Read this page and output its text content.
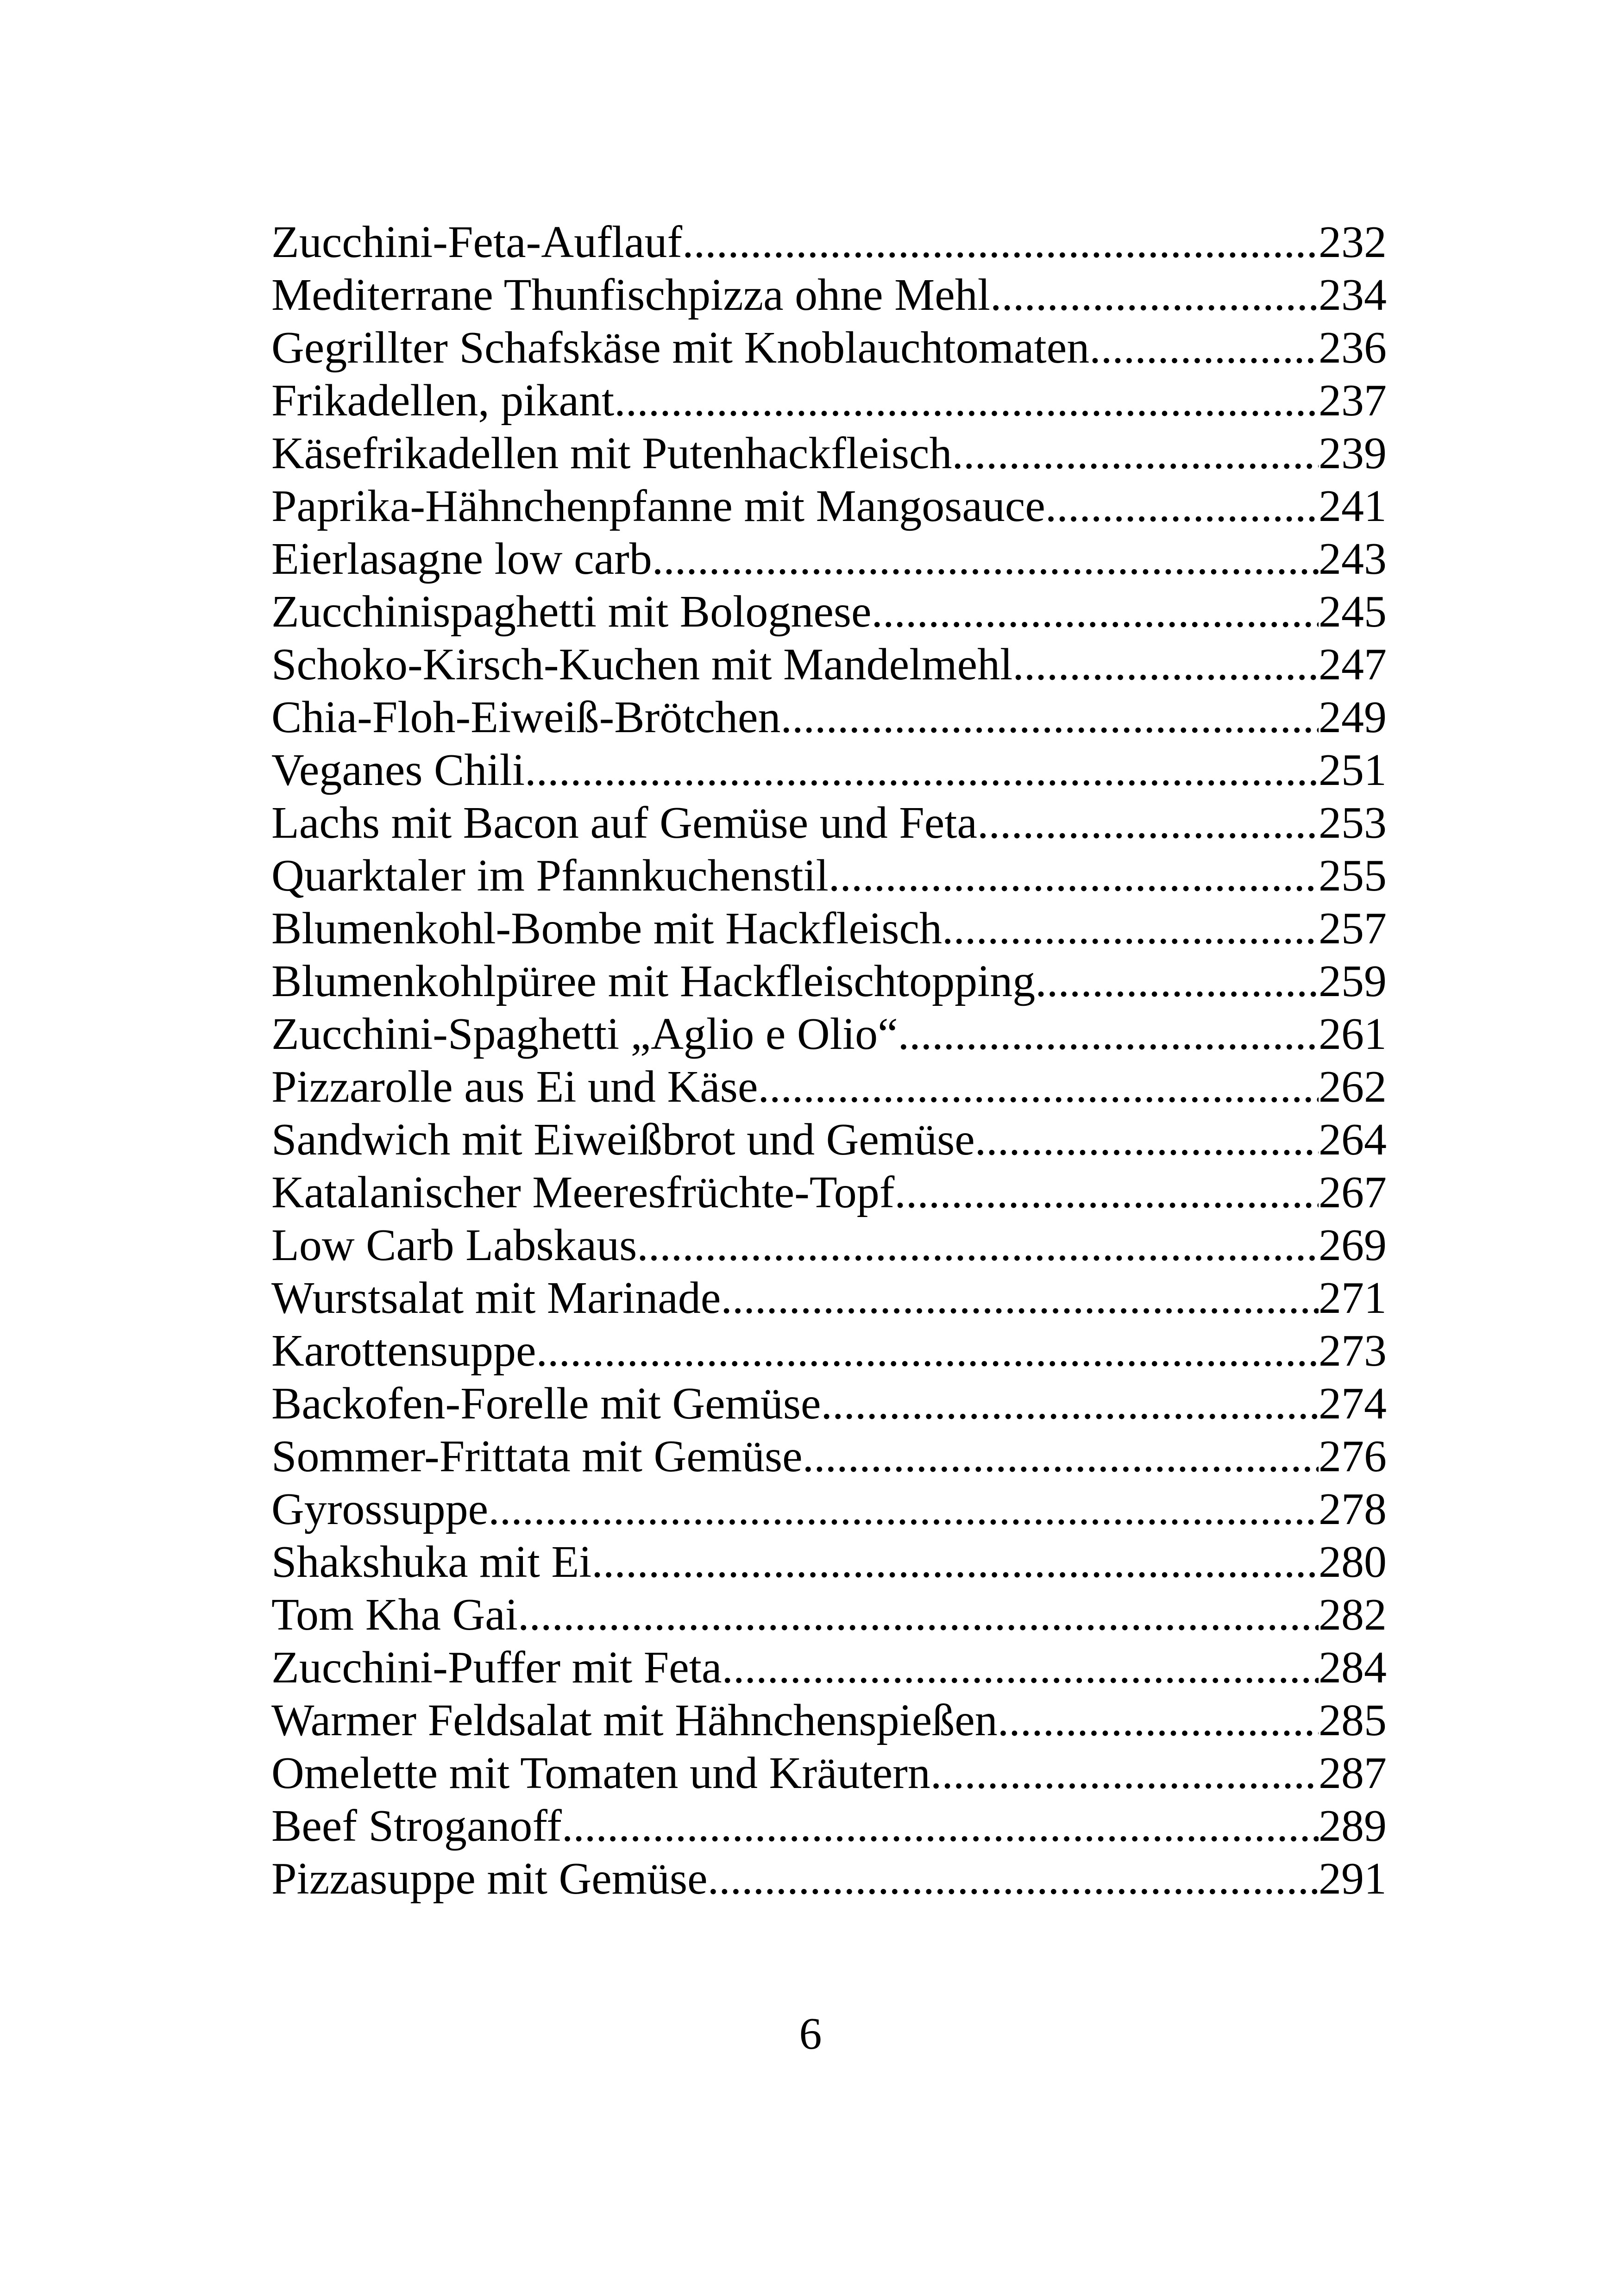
Zucchini-Feta-Auflauf .....	232
Mediterrane Thunfischpizza ohne Mehl .....	234
Gegrillter Schafskäse mit Knoblauchtomaten .....	236
Frikadellen, pikant .....	237
Käsefrikadellen mit Putenhackfleisch .....	239
Paprika-Hähnchenpfanne mit Mangosauce .....	241
Eierlasagne low carb .....	243
Zucchinispaghetti mit Bolognese .....	245
Schoko-Kirsch-Kuchen mit Mandelmehl .....	247
Chia-Floh-Eiweiß-Brötchen .....	249
Veganes Chili .....	251
Lachs mit Bacon auf Gemüse und Feta .....	253
Quarktaler im Pfannkuchenstil .....	255
Blumenkohl-Bombe mit Hackfleisch .....	257
Blumenkohlpüree mit Hackfleischtopping .....	259
Zucchini-Spaghetti „Aglio e Olio“ .....	261
Pizzarolle aus Ei und Käse .....	262
Sandwich mit Eiweißbrot und Gemüse .....	264
Katalanischer Meeresfrüchte-Topf .....	267
Low Carb Labskaus .....	269
Wurstsalat mit Marinade .....	271
Karottensuppe .....	273
Backofen-Forelle mit Gemüse .....	274
Sommer-Frittata mit Gemüse .....	276
Gyrossuppe .....	278
Shakshuka mit Ei .....	280
Tom Kha Gai .....	282
Zucchini-Puffer mit Feta .....	284
Warmer Feldsalat mit Hähnchenspießen .....	285
Omelette mit Tomaten und Kräutern .....	287
Beef Stroganoff .....	289
Pizzasuppe mit Gemüse .....	291
6
